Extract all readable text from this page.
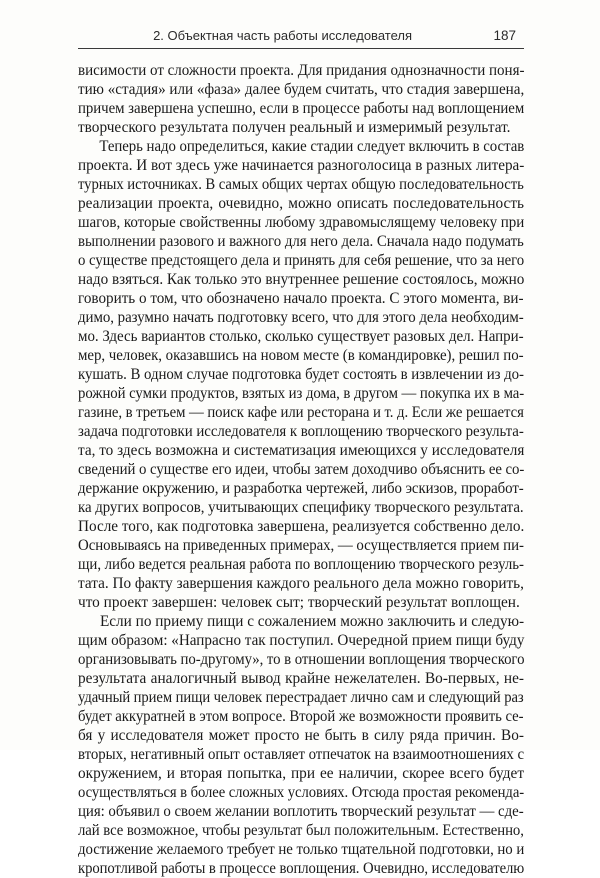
2. Объектная часть работы исследователя	187
висимости от сложности проекта. Для придания однозначности поня-
тию «стадия» или «фаза» далее будем считать, что стадия завершена,
причем завершена успешно, если в процессе работы над воплощением
творческого результата получен реальный и измеримый результат.
Теперь надо определиться, какие стадии следует включить в состав
проекта. И вот здесь уже начинается разноголосица в разных литера-
турных источниках. В самых общих чертах общую последовательность
реализации проекта, очевидно, можно описать последовательность
шагов, которые свойственны любому здравомыслящему человеку при
выполнении разового и важного для него дела. Сначала надо подумать
о существе предстоящего дела и принять для себя решение, что за него
надо взяться. Как только это внутреннее решение состоялось, можно
говорить о том, что обозначено начало проекта. С этого момента, ви-
димо, разумно начать подготовку всего, что для этого дела необходим-
мо. Здесь вариантов столько, сколько существует разовых дел. Напри-
мер, человек, оказавшись на новом месте (в командировке), решил по-
кушать. В одном случае подготовка будет состоять в извлечении из до-
рожной сумки продуктов, взятых из дома, в другом — покупка их в ма-
газине, в третьем — поиск кафе или ресторана и т. д. Если же решается
задача подготовки исследователя к воплощению творческого результа-
та, то здесь возможна и систематизация имеющихся у исследователя
сведений о существе его идеи, чтобы затем доходчиво объяснить ее со-
держание окружению, и разработка чертежей, либо эскизов, проработ-
ка других вопросов, учитывающих специфику творческого результата.
После того, как подготовка завершена, реализуется собственно дело.
Основываясь на приведенных примерах, — осуществляется прием пи-
щи, либо ведется реальная работа по воплощению творческого резуль-
тата. По факту завершения каждого реального дела можно говорить,
что проект завершен: человек сыт; творческий результат воплощен.
Если по приему пищи с сожалением можно заключить и следую-
щим образом: «Напрасно так поступил. Очередной прием пищи буду
организовывать по-другому», то в отношении воплощения творческого
результата аналогичный вывод крайне нежелателен. Во-первых, не-
удачный прием пищи человек перестрадает лично сам и следующий раз
будет аккуратней в этом вопросе. Второй же возможности проявить се-
бя у исследователя может просто не быть в силу ряда причин. Во-
вторых, негативный опыт оставляет отпечаток на взаимоотношениях с
окружением, и вторая попытка, при ее наличии, скорее всего будет
осуществляться в более сложных условиях. Отсюда простая рекоменда-
ция: объявил о своем желании воплотить творческий результат — сде-
лай все возможное, чтобы результат был положительным. Естественно,
достижение желаемого требует не только тщательной подготовки, но и
кропотливой работы в процессе воплощения. Очевидно, исследователю
